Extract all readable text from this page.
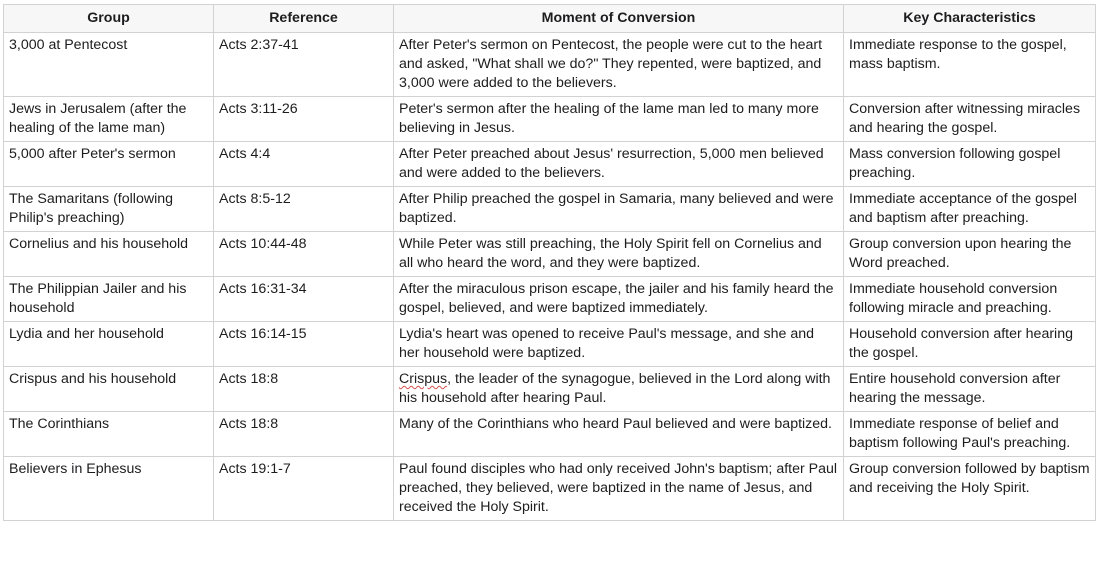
Group	Reference	Moment of Conversion	Key Characteristics
3,000 at Pentecost	Acts 2:37-41	After Peter's sermon on Pentecost, the people were cut to the heart and asked, "What shall we do?" They repented, were baptized, and 3,000 were added to the believers.	Immediate response to the gospel, mass baptism.
Jews in Jerusalem (after the healing of the lame man)	Acts 3:11-26	Peter's sermon after the healing of the lame man led to many more believing in Jesus.	Conversion after witnessing miracles and hearing the gospel.
5,000 after Peter's sermon	Acts 4:4	After Peter preached about Jesus' resurrection, 5,000 men believed and were added to the believers.	Mass conversion following gospel preaching.
The Samaritans (following Philip's preaching)	Acts 8:5-12	After Philip preached the gospel in Samaria, many believed and were baptized.	Immediate acceptance of the gospel and baptism after preaching.
Cornelius and his household	Acts 10:44-48	While Peter was still preaching, the Holy Spirit fell on Cornelius and all who heard the word, and they were baptized.	Group conversion upon hearing the Word preached.
The Philippian Jailer and his household	Acts 16:31-34	After the miraculous prison escape, the jailer and his family heard the gospel, believed, and were baptized immediately.	Immediate household conversion following miracle and preaching.
Lydia and her household	Acts 16:14-15	Lydia's heart was opened to receive Paul's message, and she and her household were baptized.	Household conversion after hearing the gospel.
Crispus and his household	Acts 18:8	Crispus, the leader of the synagogue, believed in the Lord along with his household after hearing Paul.	Entire household conversion after hearing the message.
The Corinthians	Acts 18:8	Many of the Corinthians who heard Paul believed and were baptized.	Immediate response of belief and baptism following Paul's preaching.
Believers in Ephesus	Acts 19:1-7	Paul found disciples who had only received John's baptism; after Paul preached, they believed, were baptized in the name of Jesus, and received the Holy Spirit.	Group conversion followed by baptism and receiving the Holy Spirit.
